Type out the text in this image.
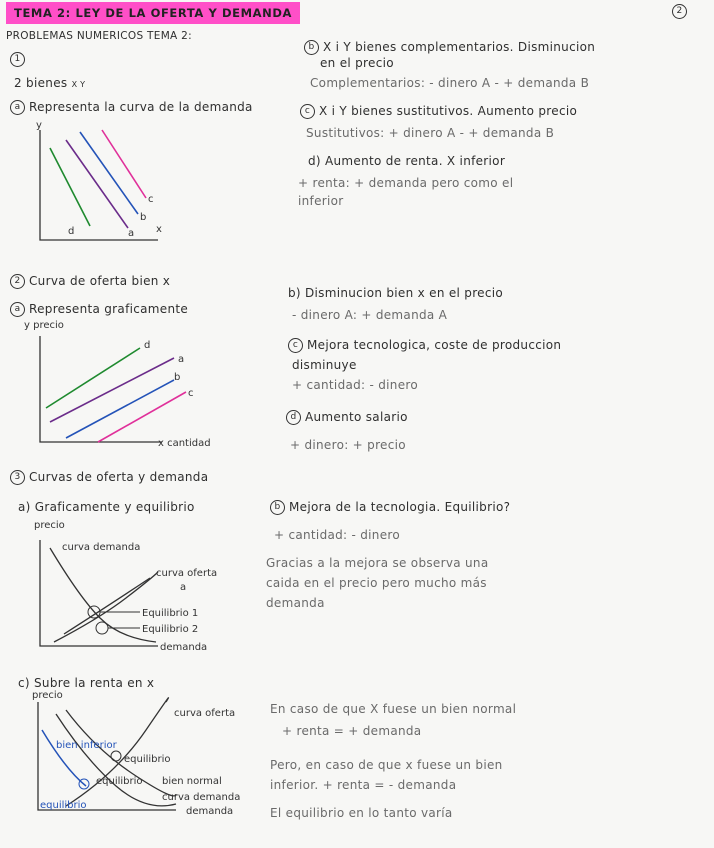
TEMA 2: LEY DE LA OFERTA Y DEMANDA	2
PROBLEMAS NUMERICOS TEMA 2:
1
2 bienes X Y
a Representa la curva de la demanda
y
x
d
b
a
c
2 Curva de oferta bien x
a Representa graficamente
y precio
d
a
b
c
x cantidad
3 Curvas de oferta y demanda
a) Graficamente y equilibrio
precio
curva demanda
curva oferta
a
Equilibrio 1
Equilibrio 2
demanda
c) Subre la renta en x
precio
curva oferta
bien inferior
equilibrio
equilibrio bien normal
curva demanda
equilibrio
demanda
b X i Y bienes complementarios. Disminucion
en el precio
Complementarios: - dinero A - + demanda B
c X i Y bienes sustitutivos. Aumento precio
Sustitutivos: + dinero A - + demanda B
d) Aumento de renta. X inferior
+ renta: + demanda pero como el
inferior
b) Disminucion bien x en el precio
- dinero A: + demanda A
c Mejora tecnologica, coste de produccion
disminuye
+ cantidad: - dinero
d Aumento salario
+ dinero: + precio
b Mejora de la tecnologia. Equilibrio?
+ cantidad: - dinero
Gracias a la mejora se observa una
caida en el precio pero mucho más
demanda
En caso de que X fuese un bien normal
+ renta = + demanda
Pero, en caso de que x fuese un bien
inferior. + renta = - demanda
El equilibrio en lo tanto varía
